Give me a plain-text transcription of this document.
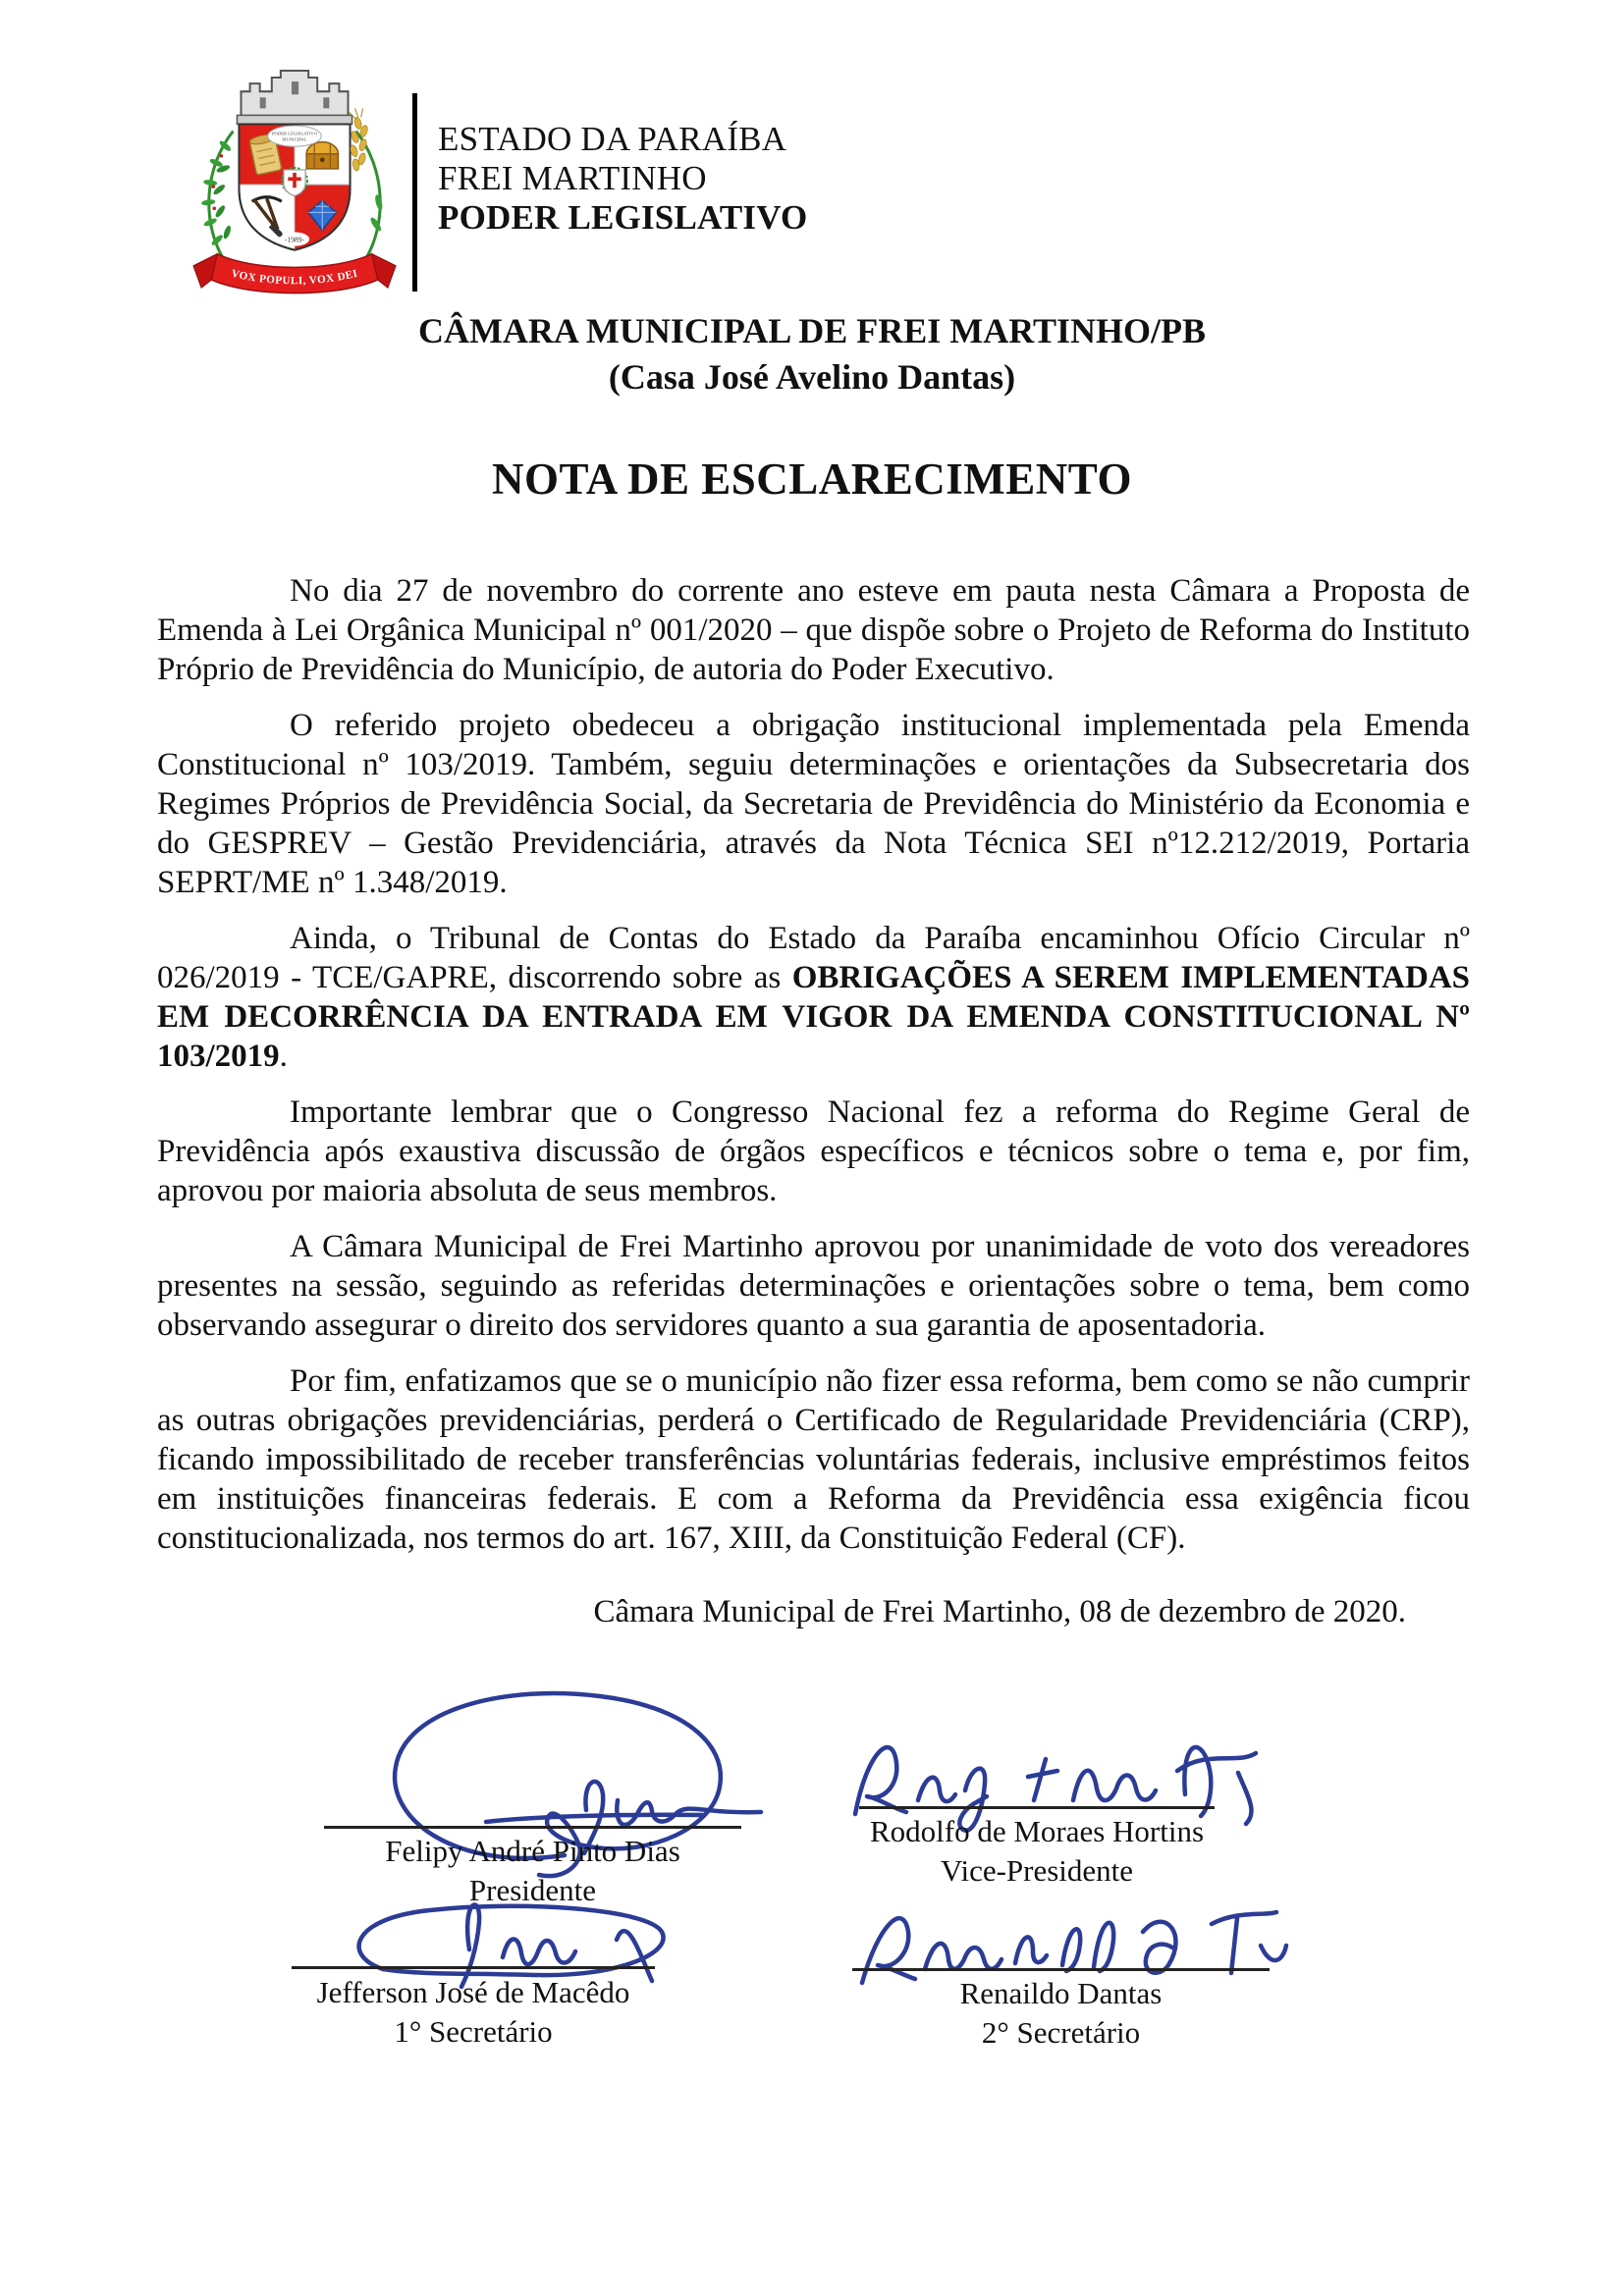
PODER LEGISLATIVO
MUNICIPAL
-1989-
VOX POPULI, VOX DEI
ESTADO DA PARAÍBA
FREI MARTINHO
PODER LEGISLATIVO
CÂMARA MUNICIPAL DE FREI MARTINHO/PB
(Casa José Avelino Dantas)
NOTA DE ESCLARECIMENTO

No dia 27 de novembro do corrente ano esteve em pauta nesta Câmara a Proposta de Emenda à Lei Orgânica Municipal nº 001/2020 – que dispõe sobre o Projeto de Reforma do Instituto Próprio de Previdência do Município, de autoria do Poder Executivo.

O referido projeto obedeceu a obrigação institucional implementada pela Emenda Constitucional nº 103/2019. Também, seguiu determinações e orientações da Subsecretaria dos Regimes Próprios de Previdência Social, da Secretaria de Previdência do Ministério da Economia e do GESPREV – Gestão Previdenciária, através da Nota Técnica SEI nº12.212/2019, Portaria SEPRT/ME nº 1.348/2019.

Ainda, o Tribunal de Contas do Estado da Paraíba encaminhou Ofício Circular nº 026/2019 - TCE/GAPRE, discorrendo sobre as OBRIGAÇÕES A SEREM IMPLEMENTADAS EM DECORRÊNCIA DA ENTRADA EM VIGOR DA EMENDA CONSTITUCIONAL Nº 103/2019.

Importante lembrar que o Congresso Nacional fez a reforma do Regime Geral de Previdência após exaustiva discussão de órgãos específicos e técnicos sobre o tema e, por fim, aprovou por maioria absoluta de seus membros.

A Câmara Municipal de Frei Martinho aprovou por unanimidade de voto dos vereadores presentes na sessão, seguindo as referidas determinações e orientações sobre o tema, bem como observando assegurar o direito dos servidores quanto a sua garantia de aposentadoria.

Por fim, enfatizamos que se o município não fizer essa reforma, bem como se não cumprir as outras obrigações previdenciárias, perderá o Certificado de Regularidade Previdenciária (CRP), ficando impossibilitado de receber transferências voluntárias federais, inclusive empréstimos feitos em instituições financeiras federais. E com a Reforma da Previdência essa exigência ficou constitucionalizada, nos termos do art. 167, XIII, da Constituição Federal (CF).

Câmara Municipal de Frei Martinho, 08 de dezembro de 2020.
Felipy André Pinto Dias
Presidente
Rodolfo de Moraes Hortins
Vice-Presidente
Jefferson José de Macêdo
1° Secretário
Renaildo Dantas
2° Secretário
